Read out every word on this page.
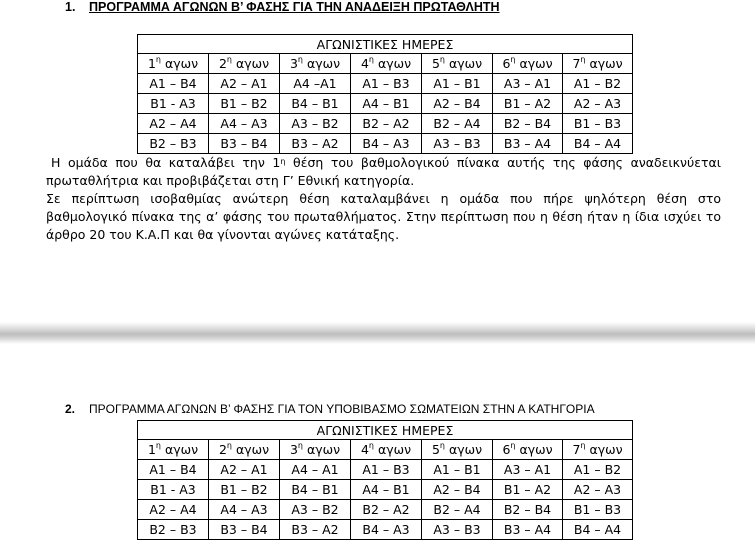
1. ΠΡΟΓΡΑΜΜΑ ΑΓΩΝΩΝ Β’ ΦΑΣΗΣ ΓΙΑ ΤΗΝ ΑΝΑΔΕΙΞΗ ΠΡΩΤΑΘΛΗΤΗ
ΑΓΩΝΙΣΤΙΚΕΣ ΗΜΕΡΕΣ						
$1^\eta$ αγων	$2^\eta$ αγων	$3^\eta$ αγων	$4^\eta$ αγων	$5^\eta$ αγων	$6^\eta$ αγων	$7^\eta$ αγων
Α1 – Β4	Α2 – Α1	Α4 –Α1	Α1 – Β3	Α1 – Β1	Α3 – Α1	Α1 – Β2
Β1 - Α3	Β1 – Β2	Β4 – Β1	Α4 – Β1	Α2 – Β4	Β1 – Α2	Α2 – Α3
Α2 – Α4	Α4 – Α3	Α3 – Β2	Β2 – Α2	Β2 – Α4	Β2 – Β4	Β1 – Β3
Β2 – Β3	Β3 – Β4	Β3 – Α2	Β4 – Α3	Α3 – Β3	Β3 – Α4	Β4 – Α4

Η ομάδα που θα καταλάβει την $1^\eta$ θέση του βαθμολογικού πίνακα αυτής της φάσης αναδεικνύεται πρωταθλήτρια και προβιβάζεται στη Γ’ Εθνική κατηγορία.

Σε περίπτωση ισοβαθμίας ανώτερη θέση καταλαμβάνει η ομάδα που πήρε ψηλότερη θέση στο βαθμολογικό πίνακα της α’ φάσης του πρωταθλήματος. Στην περίπτωση που η θέση ήταν η ίδια ισχύει το άρθρο 20 του Κ.Α.Π και θα γίνονται αγώνες κατάταξης.

2. ΠΡΟΓΡΑΜΜΑ ΑΓΩΝΩΝ Β’ ΦΑΣΗΣ ΓΙΑ ΤΟΝ ΥΠΟΒΙΒΑΣΜΟ ΣΩΜΑΤΕΙΩΝ ΣΤΗΝ Α ΚΑΤΗΓΟΡΙΑ
ΑΓΩΝΙΣΤΙΚΕΣ ΗΜΕΡΕΣ						
$1^\eta$ αγων	$2^\eta$ αγων	$3^\eta$ αγων	$4^\eta$ αγων	$5^\eta$ αγων	$6^\eta$ αγων	$7^\eta$ αγων
Α1 – Β4	Α2 – Α1	Α4 – Α1	Α1 – Β3	Α1 – Β1	Α3 – Α1	Α1 – Β2
Β1 - Α3	Β1 – Β2	Β4 – Β1	Α4 – Β1	Α2 – Β4	Β1 – Α2	Α2 – Α3
Α2 – Α4	Α4 – Α3	Α3 – Β2	Β2 – Α2	Β2 – Α4	Β2 – Β4	Β1 – Β3
Β2 – Β3	Β3 – Β4	Β3 – Α2	Β4 – Α3	Α3 – Β3	Β3 – Α4	Β4 – Α4
